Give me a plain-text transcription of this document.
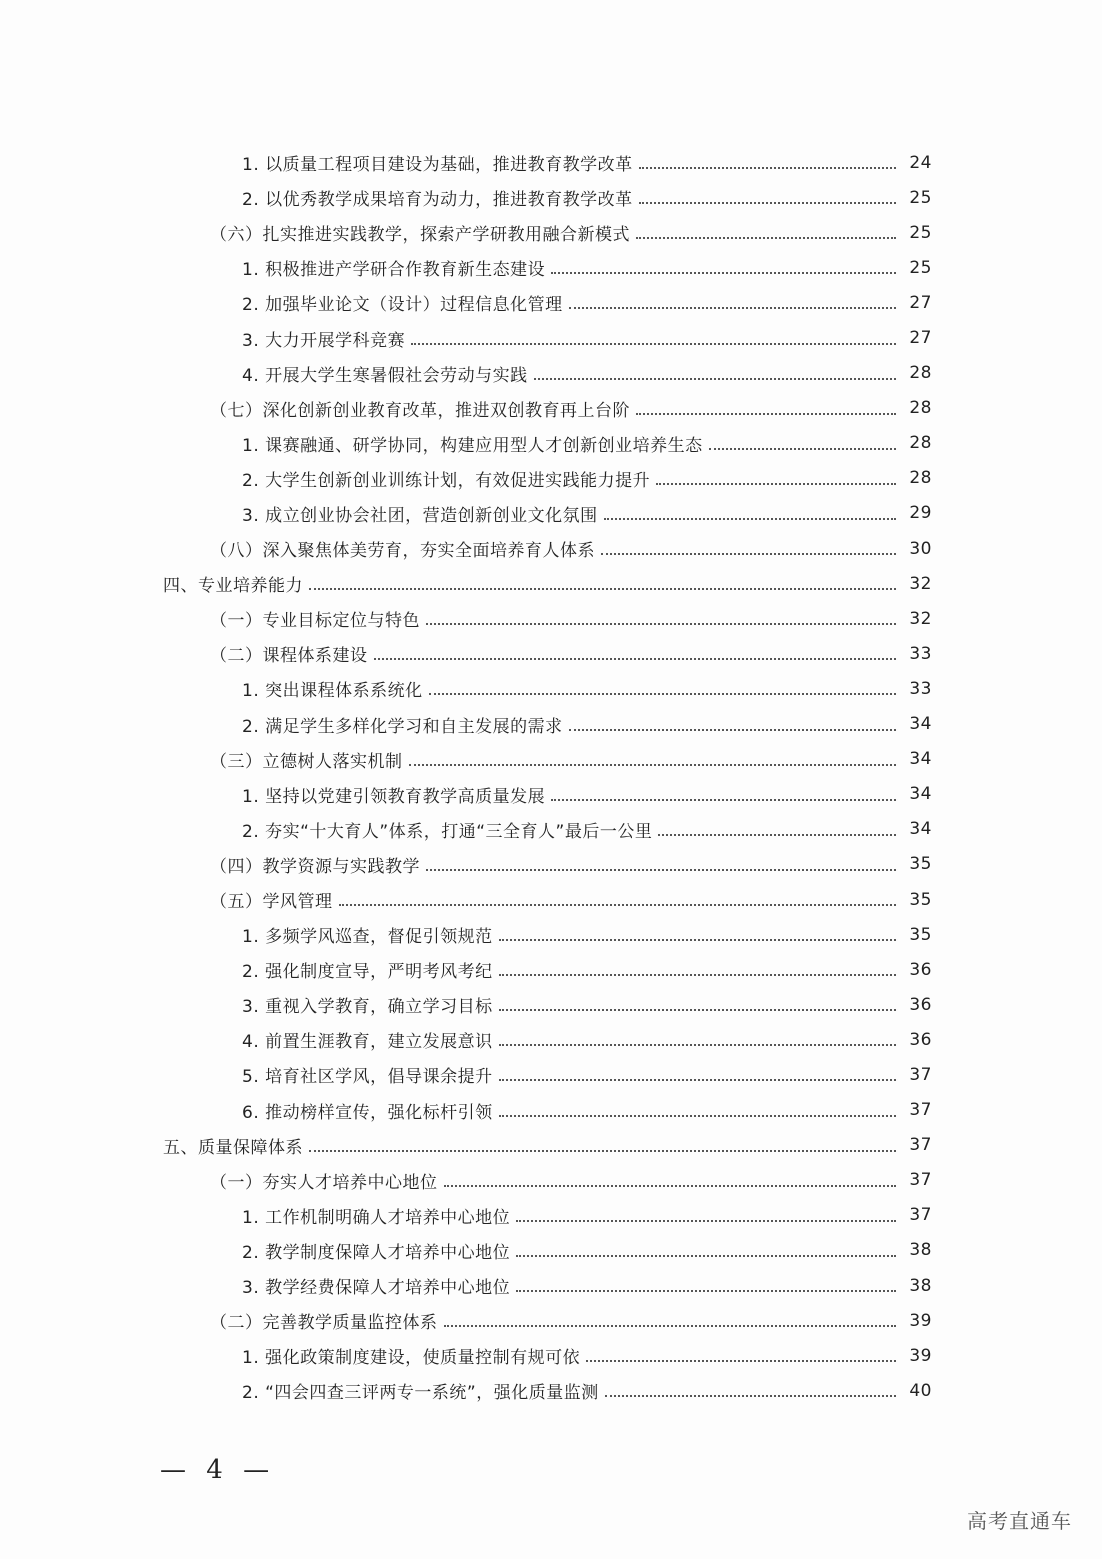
1. 以质量工程项目建设为基础，推进教育教学改革	24
2. 以优秀教学成果培育为动力，推进教育教学改革	25
（六）扎实推进实践教学，探索产学研教用融合新模式	25
1. 积极推进产学研合作教育新生态建设	25
2. 加强毕业论文（设计）过程信息化管理	27
3. 大力开展学科竞赛	27
4. 开展大学生寒暑假社会劳动与实践	28
（七）深化创新创业教育改革，推进双创教育再上台阶	28
1. 课赛融通、研学协同，构建应用型人才创新创业培养生态	28
2. 大学生创新创业训练计划，有效促进实践能力提升	28
3. 成立创业协会社团，营造创新创业文化氛围	29
（八）深入聚焦体美劳育，夯实全面培养育人体系	30
四、专业培养能力	32
（一）专业目标定位与特色	32
（二）课程体系建设	33
1. 突出课程体系系统化	33
2. 满足学生多样化学习和自主发展的需求	34
（三）立德树人落实机制	34
1. 坚持以党建引领教育教学高质量发展	34
2. 夯实“十大育人”体系，打通“三全育人”最后一公里	34
（四）教学资源与实践教学	35
（五）学风管理	35
1. 多频学风巡查，督促引领规范	35
2. 强化制度宣导，严明考风考纪	36
3. 重视入学教育，确立学习目标	36
4. 前置生涯教育，建立发展意识	36
5. 培育社区学风，倡导课余提升	37
6. 推动榜样宣传，强化标杆引领	37
五、质量保障体系	37
（一）夯实人才培养中心地位	37
1. 工作机制明确人才培养中心地位	37
2. 教学制度保障人才培养中心地位	38
3. 教学经费保障人才培养中心地位	38
（二）完善教学质量监控体系	39
1. 强化政策制度建设，使质量控制有规可依	39
2. “四会四查三评两专一系统”，强化质量监测	40
— 4 —
高考直通车
